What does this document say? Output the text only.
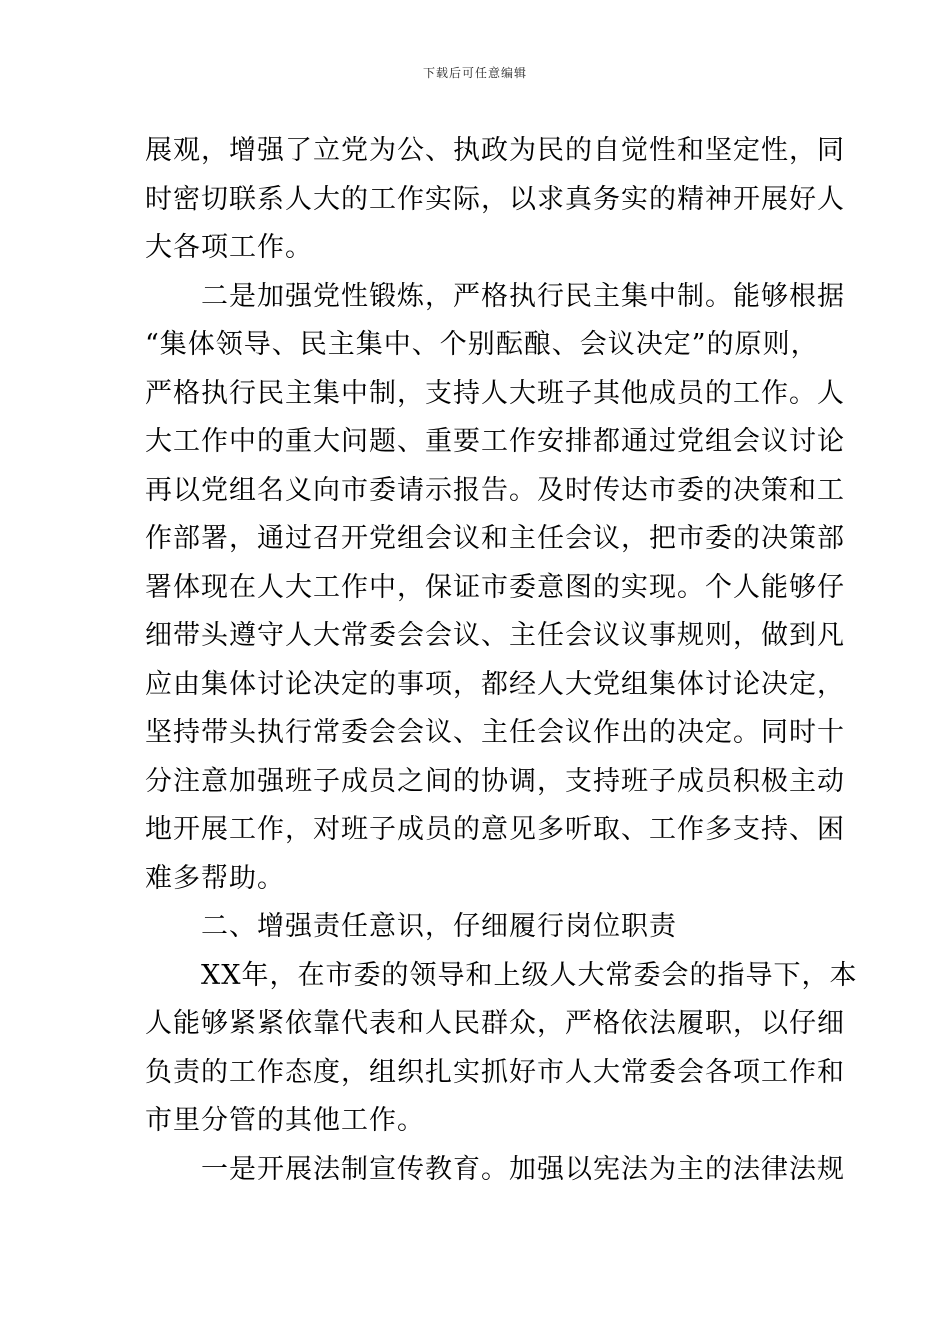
下载后可任意编辑

展观，增强了立党为公、执政为民的自觉性和坚定性，同
时密切联系人大的工作实际，以求真务实的精神开展好人
大各项工作。

二是加强党性锻炼，严格执行民主集中制。能够根据
“集体领导、民主集中、个别酝酿、会议决定”的原则，
严格执行民主集中制，支持人大班子其他成员的工作。人
大工作中的重大问题、重要工作安排都通过党组会议讨论
再以党组名义向市委请示报告。及时传达市委的决策和工
作部署，通过召开党组会议和主任会议，把市委的决策部
署体现在人大工作中，保证市委意图的实现。个人能够仔
细带头遵守人大常委会会议、主任会议议事规则，做到凡
应由集体讨论决定的事项，都经人大党组集体讨论决定，
坚持带头执行常委会会议、主任会议作出的决定。同时十
分注意加强班子成员之间的协调，支持班子成员积极主动
地开展工作，对班子成员的意见多听取、工作多支持、困
难多帮助。

二、增强责任意识，仔细履行岗位职责

XX年，在市委的领导和上级人大常委会的指导下，本
人能够紧紧依靠代表和人民群众，严格依法履职，以仔细
负责的工作态度，组织扎实抓好市人大常委会各项工作和
市里分管的其他工作。

一是开展法制宣传教育。加强以宪法为主的法律法规
